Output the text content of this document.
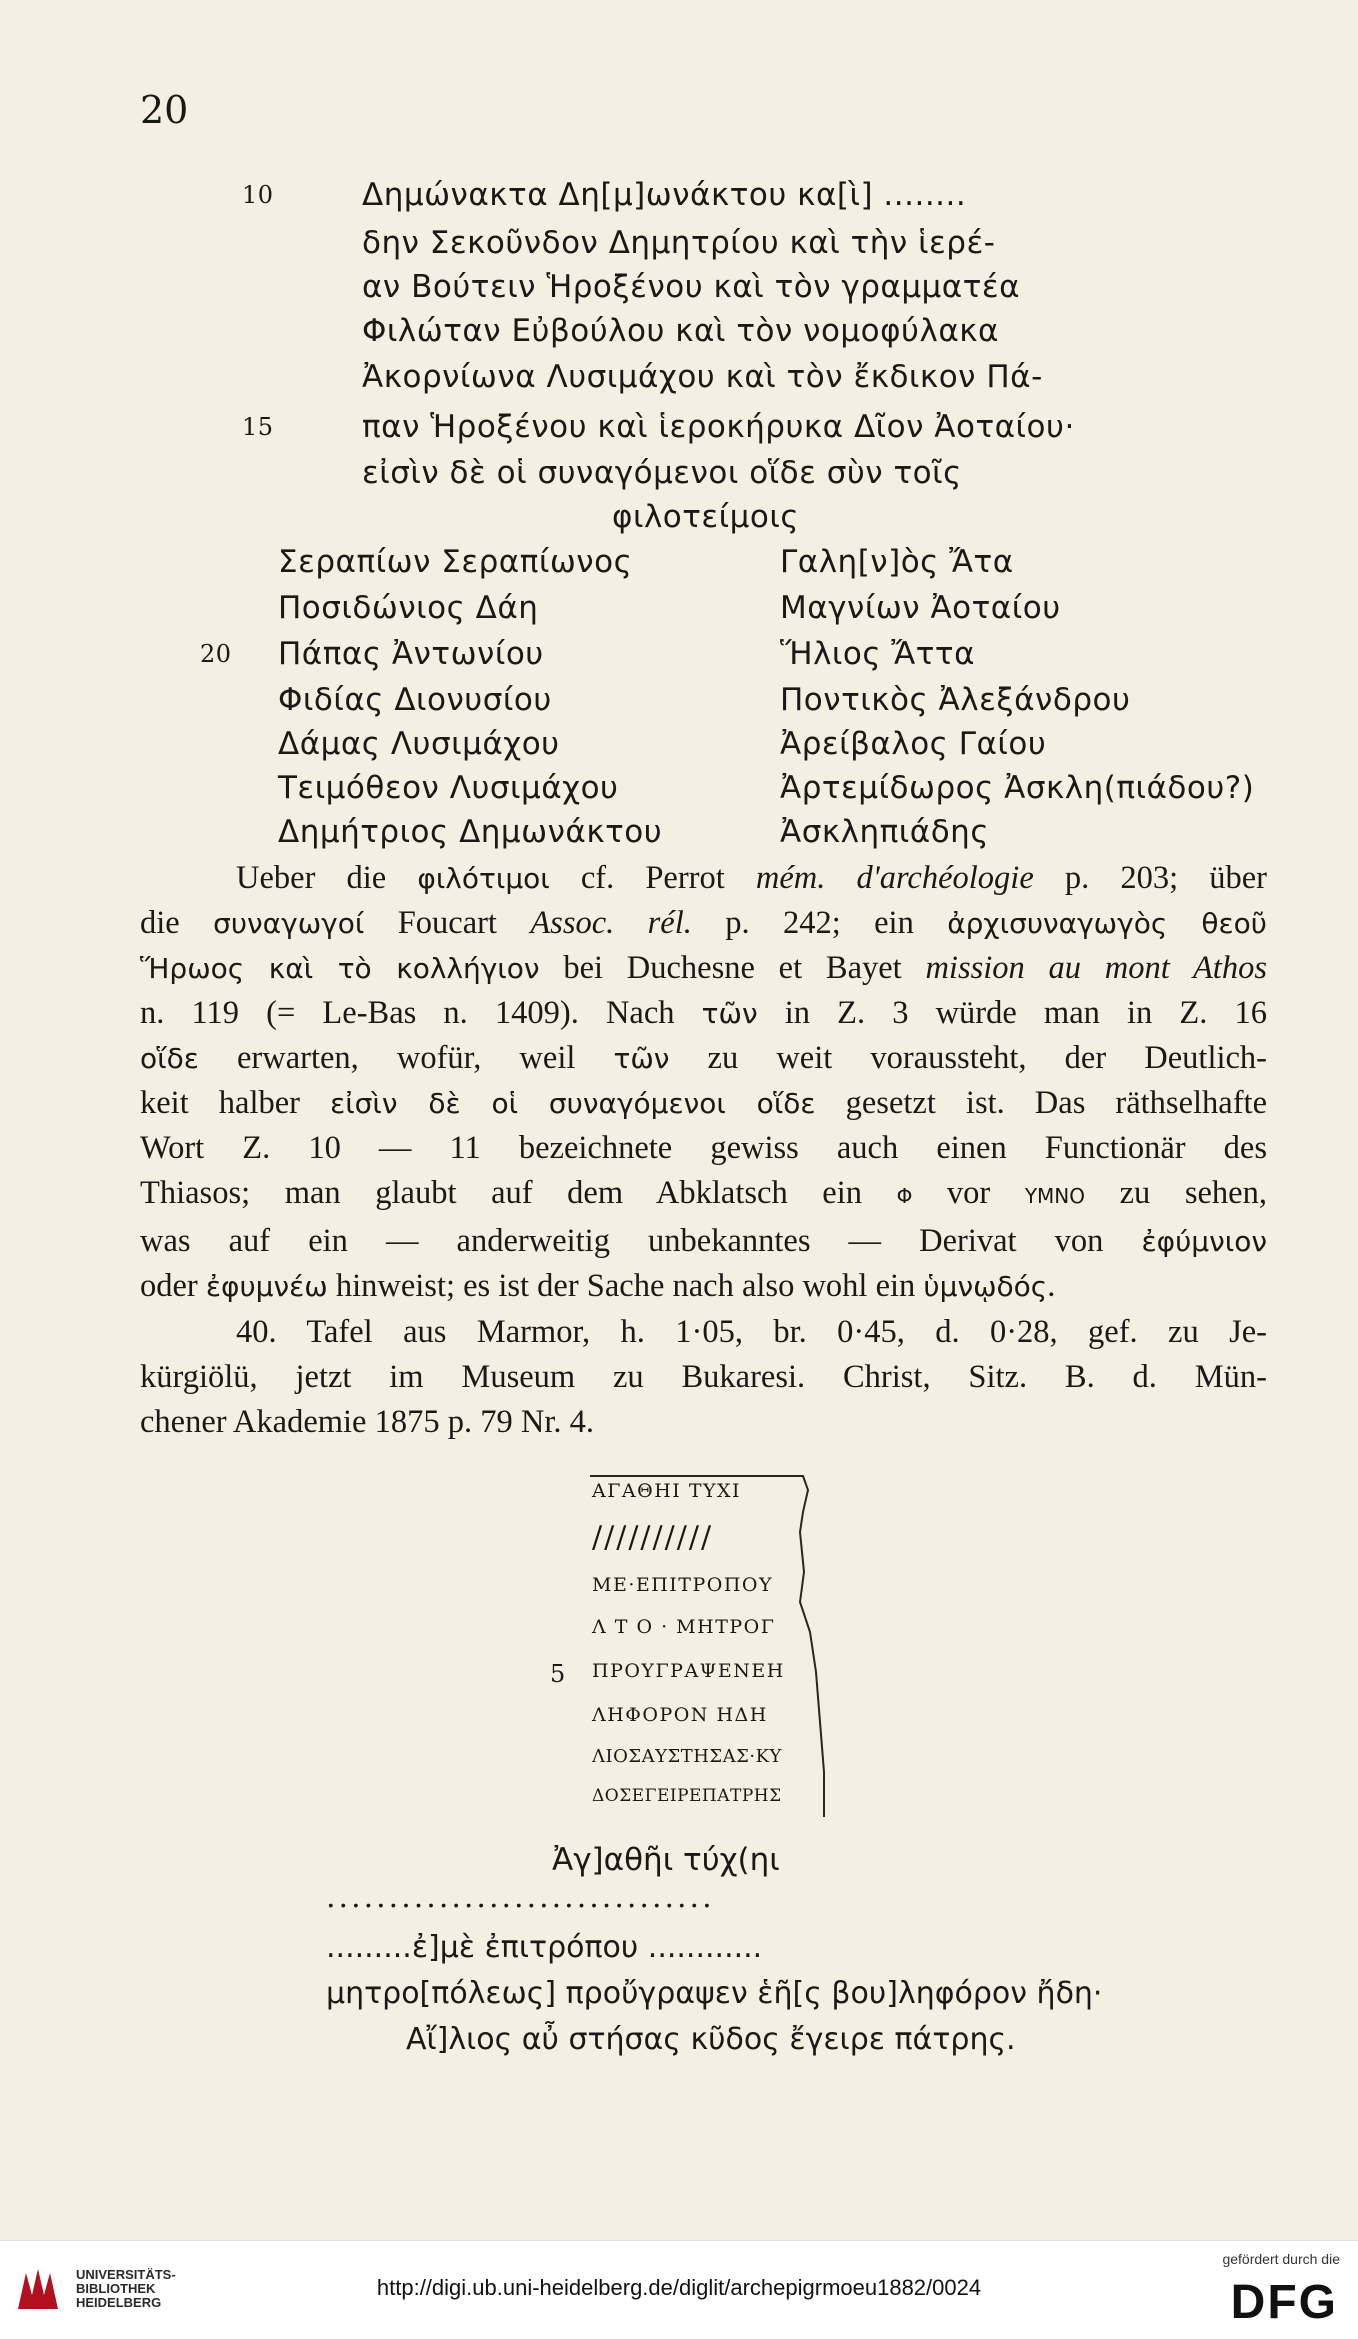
20
10	Δημώνακτα Δη[μ]ωνάκτου κα[ὶ] ........
δην Σεκοῦνδον Δημητρίου καὶ τὴν ἱερέ-
αν Βούτειν Ἡροξένου καὶ τὸν γραμματέα
Φιλώταν Εὐβούλου καὶ τὸν νομοφύλακα
Ἀκορνίωνα Λυσιμάχου καὶ τὸν ἔκδικον Πά-
15	παν Ἡροξένου καὶ ἱεροκήρυκα Δῖον Ἀοταίου·
εἰσὶν δὲ οἱ συναγόμενοι οἵδε σὺν τοῖς
φιλοτείμοις
Σεραπίων Σεραπίωνος	Γαλη[ν]ὸς Ἄτα
Ποσιδώνιος Δάη	Μαγνίων Ἀοταίου
20 Πάπας Ἀντωνίου	Ἥλιος Ἄττα
Φιδίας Διονυσίου	Ποντικὸς Ἀλεξάνδρου
Δάμας Λυσιμάχου	Ἀρείβαλος Γαίου
Τειμόθεον Λυσιμάχου	Ἀρτεμίδωρος Ἀσκλη(πιάδου?)
Δημήτριος Δημωνάκτου	Ἀσκληπιάδης
Ueber die φιλότιμοι cf. Perrot mém. d'archéologie p. 203; über
die συναγωγοί Foucart Assoc. rél. p. 242; ein ἀρχισυναγωγὸς θεοῦ
Ἥρωος καὶ τὸ κολλήγιον bei Duchesne et Bayet mission au mont Athos
n. 119 (= Le-Bas n. 1409). Nach τῶν in Z. 3 würde man in Z. 16
οἵδε erwarten, wofür, weil τῶν zu weit voraussteht, der Deutlich-
keit halber εἰσὶν δὲ οἱ συναγόμενοι οἵδε gesetzt ist. Das räthselhafte
Wort Z. 10 — 11 bezeichnete gewiss auch einen Functionär des
Thiasos; man glaubt auf dem Abklatsch ein Φ vor ΥΜΝΟ zu sehen,
was auf ein — anderweitig unbekanntes — Derivat von ἐφύμνιον
oder ἐφυμνέω hinweist; es ist der Sache nach also wohl ein ὑμνῳδός.
40. Tafel aus Marmor, h. 1·05, br. 0·45, d. 0·28, gef. zu Je-
kürgiölü, jetzt im Museum zu Bukaresi. Christ, Sitz. B. d. Mün-
chener Akademie 1875 p. 79 Nr. 4.
ΑΓΑΘΗΙ ΤΥΧΙ
//////////
ΜΕ·ΕΠΙΤΡΟΠΟΥ
Λ Τ Ο · ΜΗΤΡΟΓ
ΠΡΟΥΓΡΑΨΕΝΕΗ
ΛΗΦΟΡΟΝ ΗΔΗ
ΛΙΟΣΑΥΣΤΗΣΑΣ·ΚΥ
ΔΟΣΕΓΕΙΡΕΠΑΤΡΗΣ
5
Ἀγ]αθῆι τύχ(ηι
...............................
.........ἐ]μὲ ἐπιτρόπου ............
μητρο[πόλεως] προὔγραψεν ἑῆ[ς βου]ληφόρον ἤδη·
Αἴ]λιος αὖ στήσας κῦδος ἔγειρε πάτρης.
UNIVERSITÄTS-
BIBLIOTHEK
HEIDELBERG
http://digi.ub.uni-heidelberg.de/diglit/archepigrmoeu1882/0024
gefördert durch die
DFG
